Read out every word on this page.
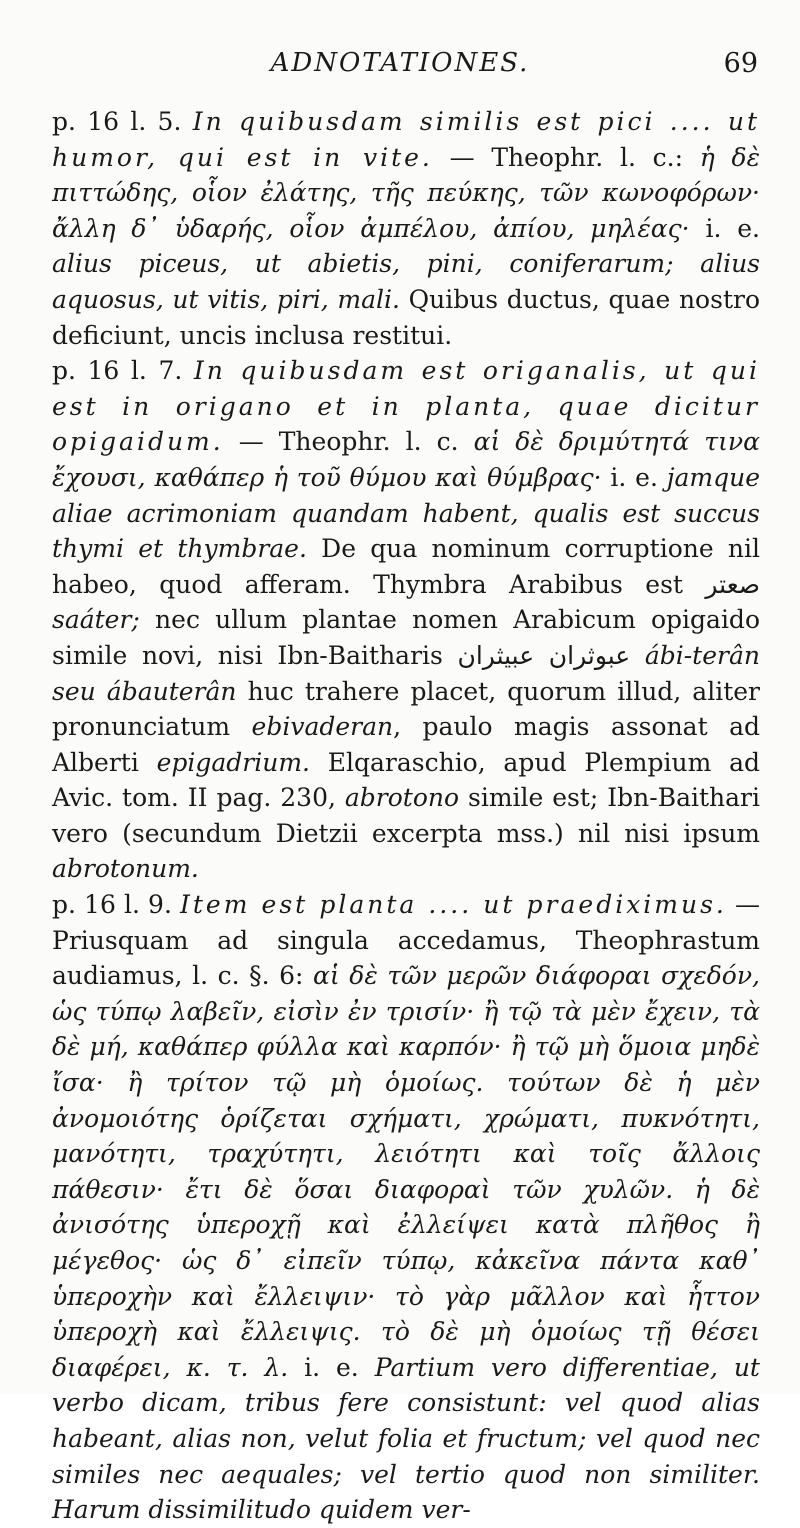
ADNOTATIONES.	69

p. 16 l. 5. In quibusdam similis est pici .... ut humor, qui est in vite. — Theophr. l. c.: ἡ δὲ πιττώδης, οἷον ἐλάτης, τῆς πεύκης, τῶν κωνοφόρων· ἄλλη δ᾽ ὑδαρής, οἷον ἀμπέλου, ἀπίου, μηλέας· i. e. alius piceus, ut abietis, pini, coniferarum; alius aquosus, ut vitis, piri, mali. Quibus ductus, quae nostro deficiunt, uncis inclusa restitui.

p. 16 l. 7. In quibusdam est origanalis, ut qui est in origano et in planta, quae dicitur opigaidum. — Theophr. l. c. αἱ δὲ δριμύτητά τινα ἔχουσι, καθάπερ ἡ τοῦ θύμου καὶ θύμβρας· i. e. jamque aliae acrimoniam quandam habent, qualis est succus thymi et thymbrae. De qua nominum corruptione nil habeo, quod afferam. Thymbra Arabibus est صعتر saáter; nec ullum plantae nomen Arabicum opigaido simile novi, nisi Ibn-Baitharis عبيثران عبوثران ábi-terân seu ábauterân huc trahere placet, quorum illud, aliter pronunciatum ebivaderan, paulo magis assonat ad Alberti epigadrium. Elqaraschio, apud Plempium ad Avic. tom. II pag. 230, abrotono simile est; Ibn-Baithari vero (secundum Dietzii excerpta mss.) nil nisi ipsum abrotonum.

p. 16 l. 9. Item est planta .... ut praediximus. — Priusquam ad singula accedamus, Theophrastum audiamus, l. c. §. 6: αἱ δὲ τῶν μερῶν διάφοραι σχεδόν, ὡς τύπῳ λαβεῖν, εἰσὶν ἐν τρισίν· ἢ τῷ τὰ μὲν ἔχειν, τὰ δὲ μή, καθάπερ φύλλα καὶ καρπόν· ἢ τῷ μὴ ὅμοια μηδὲ ἴσα· ἢ τρίτον τῷ μὴ ὁμοίως. τούτων δὲ ἡ μὲν ἀνομοιότης ὁρίζεται σχήματι, χρώματι, πυκνότητι, μανότητι, τραχύτητι, λειότητι καὶ τοῖς ἄλλοις πάθεσιν· ἔτι δὲ ὅσαι διαφοραὶ τῶν χυλῶν. ἡ δὲ ἀνισότης ὑπεροχῇ καὶ ἐλλείψει κατὰ πλῆθος ἢ μέγεθος· ὡς δ᾽ εἰπεῖν τύπῳ, κἀκεῖνα πάντα καθ᾽ ὑπεροχὴν καὶ ἔλλειψιν· τὸ γὰρ μᾶλλον καὶ ἧττον ὑπεροχὴ καὶ ἔλλειψις. τὸ δὲ μὴ ὁμοίως τῇ θέσει διαφέρει, κ. τ. λ. i. e. Partium vero differentiae, ut verbo dicam, tribus fere consistunt: vel quod alias habeant, alias non, velut folia et fructum; vel quod nec similes nec aequales; vel tertio quod non similiter. Harum dissimilitudo quidem ver-
